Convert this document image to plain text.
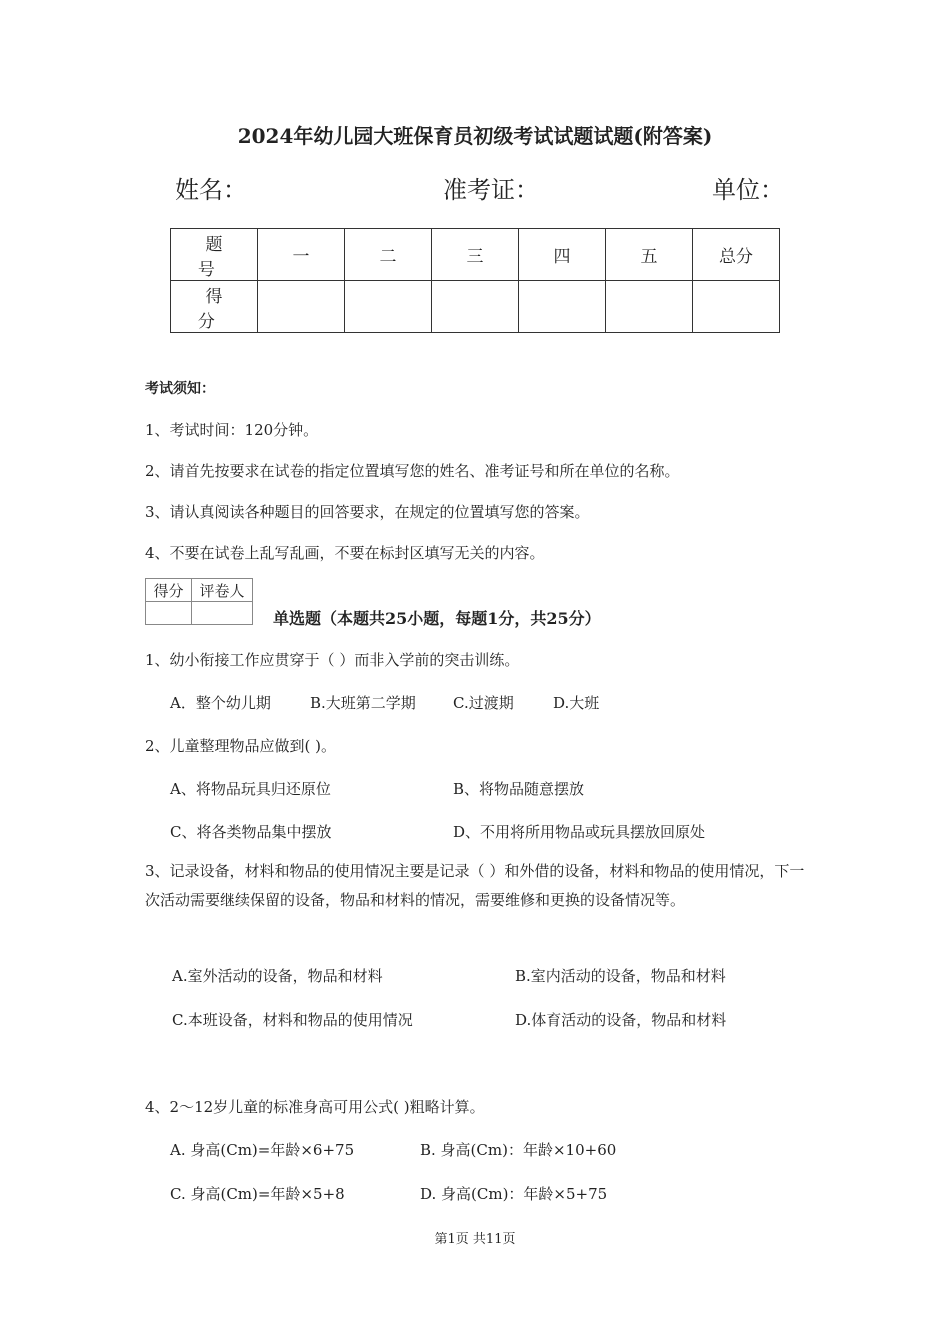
2024年幼儿园大班保育员初级考试试题试题(附答案)
姓名：	准考证：	单位：
题 号	一	二	三	四	五	总分
得 分						
考试须知：
1、考试时间：120分钟。
2、请首先按要求在试卷的指定位置填写您的姓名、准考证号和所在单位的名称。
3、请认真阅读各种题目的回答要求，在规定的位置填写您的答案。
4、不要在试卷上乱写乱画，不要在标封区填写无关的内容。
得分	评卷人

单选题（本题共25小题，每题1分，共25分）
1、幼小衔接工作应贯穿于（ ）而非入学前的突击训练。
A．整个幼儿期	B.大班第二学期 C.过渡期	D.大班
2、儿童整理物品应做到( )。
A、将物品玩具归还原位	B、将物品随意摆放
C、将各类物品集中摆放	D、不用将所用物品或玩具摆放回原处
3、记录设备，材料和物品的使用情况主要是记录（ ）和外借的设备，材料和物品的使用情况，下一次活动需要继续保留的设备，物品和材料的情况，需要维修和更换的设备情况等。
A.室外活动的设备，物品和材料	B.室内活动的设备，物品和材料
C.本班设备，材料和物品的使用情况	D.体育活动的设备，物品和材料
4、2～12岁儿童的标准身高可用公式( )粗略计算。
A. 身高(Cm)=年龄×6+75	B. 身高(Cm)：年龄×10+60
C. 身高(Cm)=年龄×5+8	D. 身高(Cm)：年龄×5+75
第1页 共11页
